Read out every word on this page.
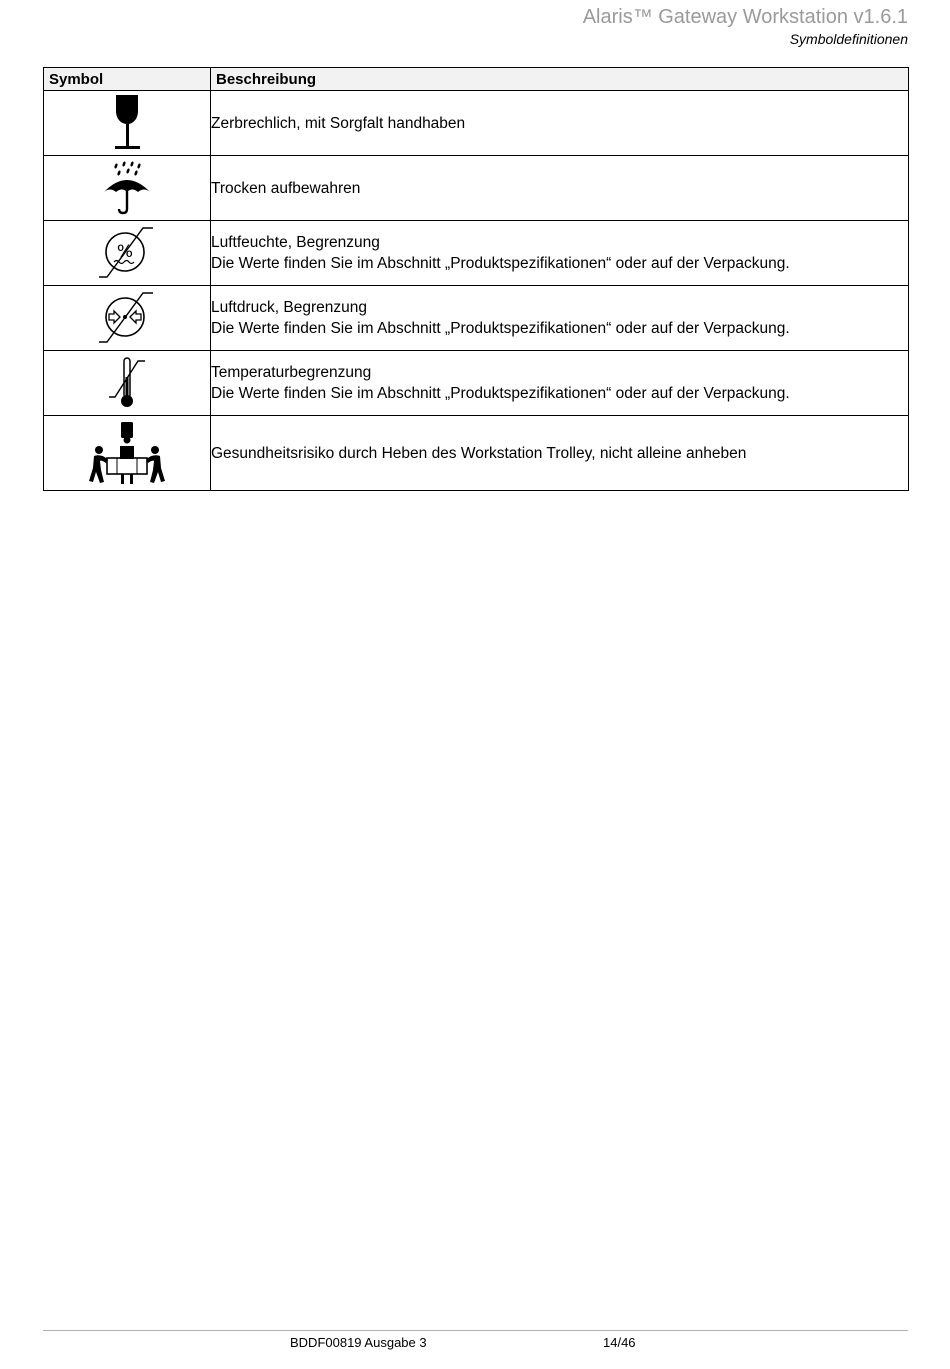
Alaris™ Gateway Workstation v1.6.1
Symboldefinitionen
Symbol	Beschreibung

Zerbrechlich, mit Sorgfalt handhaben

Trocken aufbewahren

%	Luftfeuchte, Begrenzung
Die Werte finden Sie im Abschnitt „Produktspezifikationen“ oder auf der Verpackung.

Luftdruck, Begrenzung
Die Werte finden Sie im Abschnitt „Produktspezifikationen“ oder auf der Verpackung.

Temperaturbegrenzung
Die Werte finden Sie im Abschnitt „Produktspezifikationen“ oder auf der Verpackung.

Gesundheitsrisiko durch Heben des Workstation Trolley, nicht alleine anheben
BDDF00819 Ausgabe 3	14/46
